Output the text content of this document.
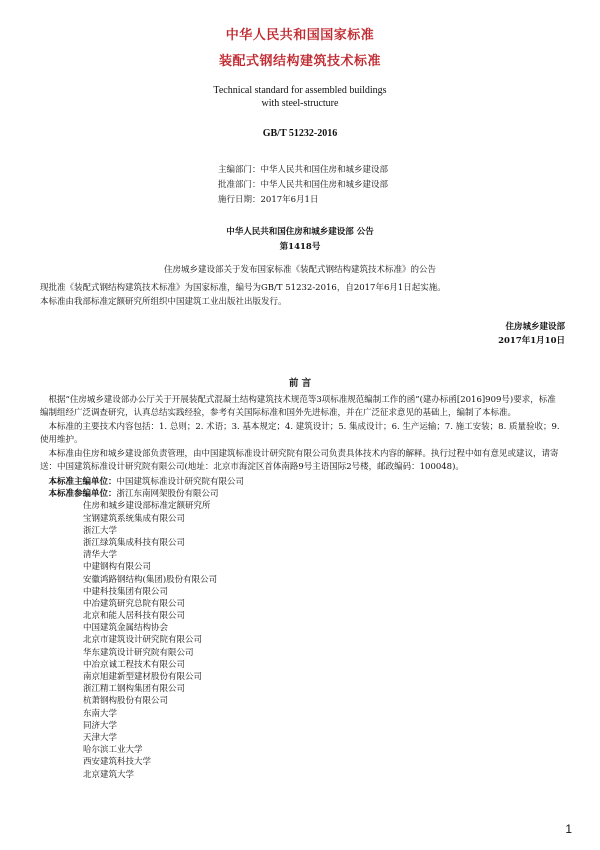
中华人民共和国国家标准
装配式钢结构建筑技术标准
Technical standard for assembled buildings
with steel-structure
GB/T 51232-2016
主编部门：中华人民共和国住房和城乡建设部
批准部门：中华人民共和国住房和城乡建设部
施行日期：2017年6月1日
中华人民共和国住房和城乡建设部 公告
第1418号
住房城乡建设部关于发布国家标准《装配式钢结构建筑技术标准》的公告
现批准《装配式钢结构建筑技术标准》为国家标准，编号为GB/T 51232-2016，自2017年6月1日起实施。
本标准由我部标准定额研究所组织中国建筑工业出版社出版发行。
住房城乡建设部
2017年1月10日
前 言
根据“住房城乡建设部办公厅关于开展装配式混凝土结构建筑技术规范等3项标准规范编制工作的函”(建办标函[2016]909号)要求，标准编制组经广泛调查研究，认真总结实践经验，参考有关国际标准和国外先进标准，并在广泛征求意见的基础上，编制了本标准。
本标准的主要技术内容包括：1. 总则；2. 术语；3. 基本规定；4. 建筑设计；5. 集成设计；6. 生产运输；7. 施工安装；8. 质量验收；9. 使用维护。
本标准由住房和城乡建设部负责管理，由中国建筑标准设计研究院有限公司负责具体技术内容的解释。执行过程中如有意见或建议，请寄送：中国建筑标准设计研究院有限公司(地址：北京市海淀区首体南路9号主语国际2号楼，邮政编码：100048)。
本标准主编单位：中国建筑标准设计研究院有限公司
本标准参编单位：浙江东南网架股份有限公司
住房和城乡建设部标准定额研究所
宝钢建筑系统集成有限公司
浙江大学
浙江绿筑集成科技有限公司
清华大学
中建钢构有限公司
安徽鸿路钢结构(集团)股份有限公司
中建科技集团有限公司
中冶建筑研究总院有限公司
北京和能人居科技有限公司
中国建筑金属结构协会
北京市建筑设计研究院有限公司
华东建筑设计研究院有限公司
中冶京诚工程技术有限公司
南京旭建新型建材股份有限公司
浙江精工钢构集团有限公司
杭萧钢构股份有限公司
东南大学
同济大学
天津大学
哈尔滨工业大学
西安建筑科技大学
北京建筑大学
1
